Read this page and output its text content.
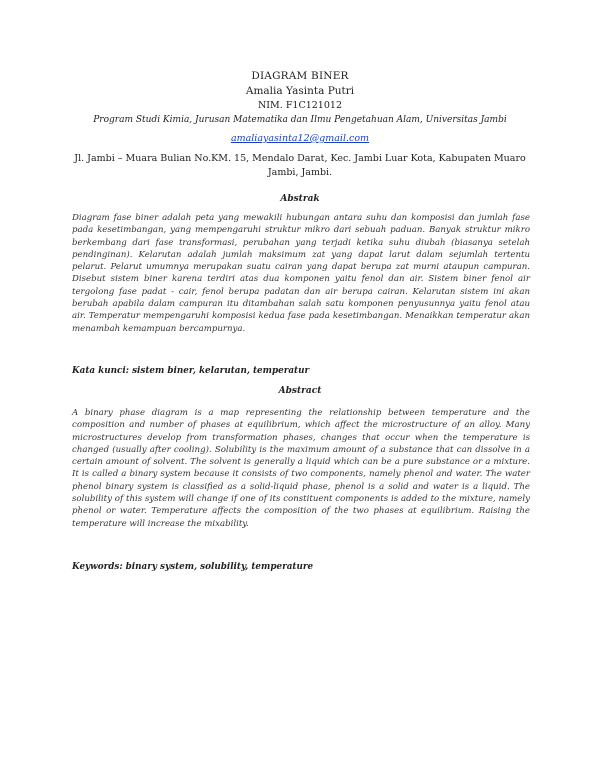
DIAGRAM BINER
Amalia Yasinta Putri
NIM. F1C121012
Program Studi Kimia, Jurusan Matematika dan Ilmu Pengetahuan Alam, Universitas Jambi
amaliayasinta12@gmail.com
Jl. Jambi – Muara Bulian No.KM. 15, Mendalo Darat, Kec. Jambi Luar Kota, Kabupaten Muaro Jambi, Jambi.
Abstrak
Diagram fase biner adalah peta yang mewakili hubungan antara suhu dan komposisi dan jumlah fase pada kesetimbangan, yang mempengaruhi struktur mikro dari sebuah paduan. Banyak struktur mikro berkembang dari fase transformasi, perubahan yang terjadi ketika suhu diubah (biasanya setelah pendinginan). Kelarutan adalah jumlah maksimum zat yang dapat larut dalam sejumlah tertentu pelarut. Pelarut umumnya merupakan suatu cairan yang dapat berupa zat murni ataupun campuran. Disebut sistem biner karena terdiri atas dua komponen yaitu fenol dan air. Sistem biner fenol air tergolong fase padat - cair, fenol berupa padatan dan air berupa cairan. Kelarutan sistem ini akan berubah apabila dalam campuran itu ditambahan salah satu komponen penyusunnya yaitu fenol atau air. Temperatur mempengaruhi komposisi kedua fase pada kesetimbangan. Menaikkan temperatur akan menambah kemampuan bercampurnya.
Kata kunci: sistem biner, kelarutan, temperatur
Abstract
A binary phase diagram is a map representing the relationship between temperature and the composition and number of phases at equilibrium, which affect the microstructure of an alloy. Many microstructures develop from transformation phases, changes that occur when the temperature is changed (usually after cooling). Solubility is the maximum amount of a substance that can dissolve in a certain amount of solvent. The solvent is generally a liquid which can be a pure substance or a mixture. It is called a binary system because it consists of two components, namely phenol and water. The water phenol binary system is classified as a solid-liquid phase, phenol is a solid and water is a liquid. The solubility of this system will change if one of its constituent components is added to the mixture, namely phenol or water. Temperature affects the composition of the two phases at equilibrium. Raising the temperature will increase the mixability.
Keywords: binary system, solubility, temperature
